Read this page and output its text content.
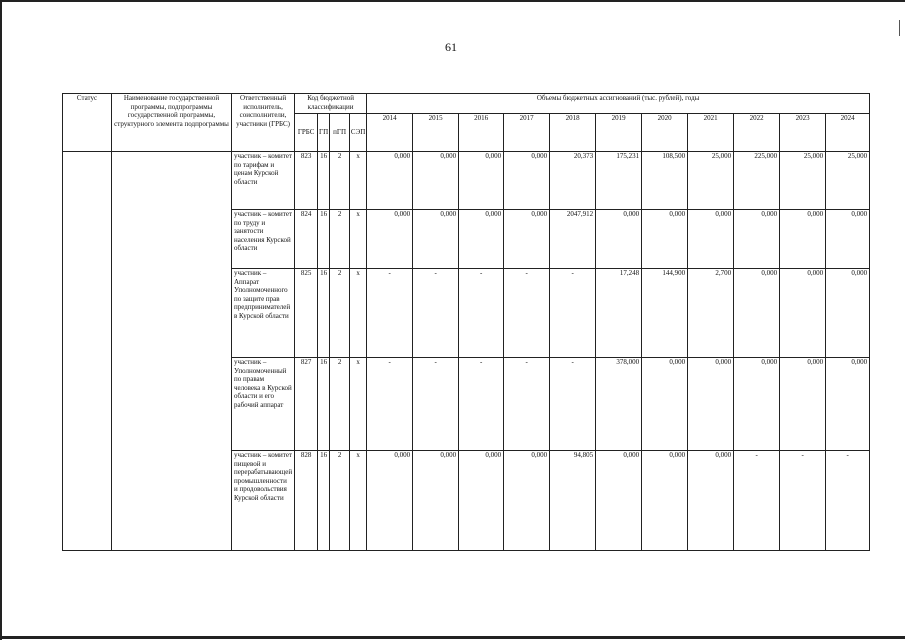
61
Статус	Наименование государственной программы, подпрограммы государственной программы, структурного элемента подпрограммы	Ответственный исполнитель, соисполнители, участники (ГРБС)	Код бюджетной классификации				Объемы бюджетных ассигнований (тыс. рублей), годы										
			ГРБС	ГП	пГП	СЭП	2014	2015	2016	2017	2018	2019	2020	2021	2022	2023	2024
		участник – комитет по тарифам и ценам Курской области	823	16	2	х	0,000	0,000	0,000	0,000	20,373	175,231	108,500	25,000	225,000	25,000	25,000
		участник – комитет по труду и занятости населения Курской области	824	16	2	х	0,000	0,000	0,000	0,000	2047,912	0,000	0,000	0,000	0,000	0,000	0,000
		участник – Аппарат Уполномоченного по защите прав предпринимателей в Курской области	825	16	2	х	-	-	-	-	-	17,248	144,900	2,700	0,000	0,000	0,000
		участник – Уполномоченный по правам человека в Курской области и его рабочий аппарат	827	16	2	х	-	-	-	-	-	378,000	0,000	0,000	0,000	0,000	0,000
		участник – комитет пищевой и перерабатывающей промышленности и продовольствия Курской области	828	16	2	х	0,000	0,000	0,000	0,000	94,805	0,000	0,000	0,000	-	-	-
